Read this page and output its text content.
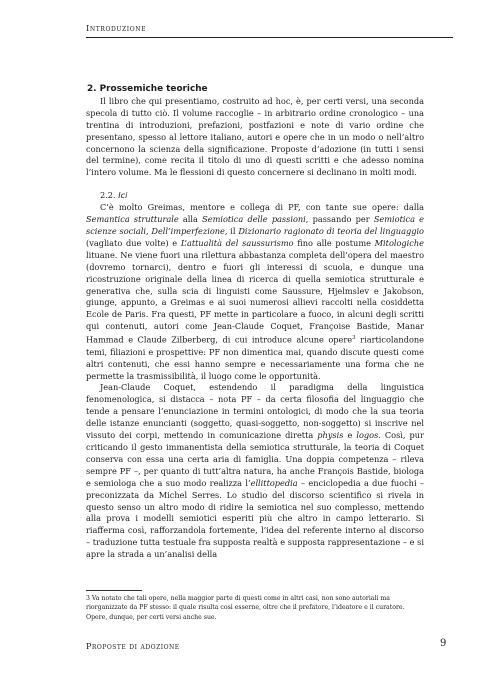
Introduzione
2. Prossemiche teoriche

Il libro che qui presentiamo, costruito ad hoc, è, per certi versi, una seconda specola di tutto ciò. Il volume raccoglie – in arbitrario ordine cronologico – una trentina di introduzioni, prefazioni, postfazioni e note di vario ordine che presentano, spesso al lettore italiano, autori e opere che in un modo o nell’altro concernono la scienza della significazione. Proposte d’adozione (in tutti i sensi del termine), come recita il titolo di uno di questi scritti e che adesso nomina l’intero volume. Ma le flessioni di questo concernere si declinano in molti modi.

2.2. Ici

C’è molto Greimas, mentore e collega di PF, con tante sue opere: dalla Semantica strutturale alla Semiotica delle passioni, passando per Semiotica e scienze sociali, Dell’imperfezione, il Dizionario ragionato di teoria del linguaggio (vagliato due volte) e L’attualità del saussurismo fino alle postume Mitologiche lituane. Ne viene fuori una rilettura abbastanza completa dell’opera del maestro (dovremo tornarci), dentro e fuori gli interessi di scuola, e dunque una ricostruzione originale della linea di ricerca di quella semiotica strutturale e generativa che, sulla scia di linguisti come Saussure, Hjelmslev e Jakobson, giunge, appunto, a Greimas e ai suoi numerosi allievi raccolti nella cosiddetta Ecole de Paris. Fra questi, PF mette in particolare a fuoco, in alcuni degli scritti qui contenuti, autori come Jean-Claude Coquet, Françoise Bastide, Manar Hammad e Claude Zilberberg, di cui introduce alcune opere$^3$ riarticolandone temi, filiazioni e prospettive: PF non dimentica mai, quando discute questi come altri contenuti, che essi hanno sempre e necessariamente una forma che ne permette la trasmissibilità, il luogo come le opportunità.

Jean-Claude Coquet, estendendo il paradigma della linguistica fenomenologica, si distacca – nota PF – da certa filosofia del linguaggio che tende a pensare l’enunciazione in termini ontologici, di modo che la sua teoria delle istanze enuncianti (soggetto, quasi-soggetto, non-soggetto) si inscrive nel vissuto dei corpi, mettendo in comunicazione diretta physis e logos. Così, pur criticando il gesto immanentista della semiotica strutturale, la teoria di Coquet conserva con essa una certa aria di famiglia. Una doppia competenza – rileva sempre PF –, per quanto di tutt’altra natura, ha anche François Bastide, biologa e semiologa che a suo modo realizza l’ellittopedia – enciclopedia a due fuochi – preconizzata da Michel Serres. Lo studio del discorso scientifico si rivela in questo senso un altro modo di ridire la semiotica nel suo complesso, mettendo alla prova i modelli semiotici esperiti più che altro in campo letterario. Si riafferma così, rafforzandola fortemente, l’idea del referente interno al discorso – traduzione tutta testuale fra supposta realtà e supposta rappresentazione – e si apre la strada a un’analisi della

3 Va notato che tali opere, nella maggior parte di questi come in altri casi, non sono autoriali ma riorganizzate da PF stesso: il quale risulta così esserne, oltre che il prefatore, l’ideatore e il curatore. Opere, dunque, per certi versi anche sue.
Proposte di adozione	9
